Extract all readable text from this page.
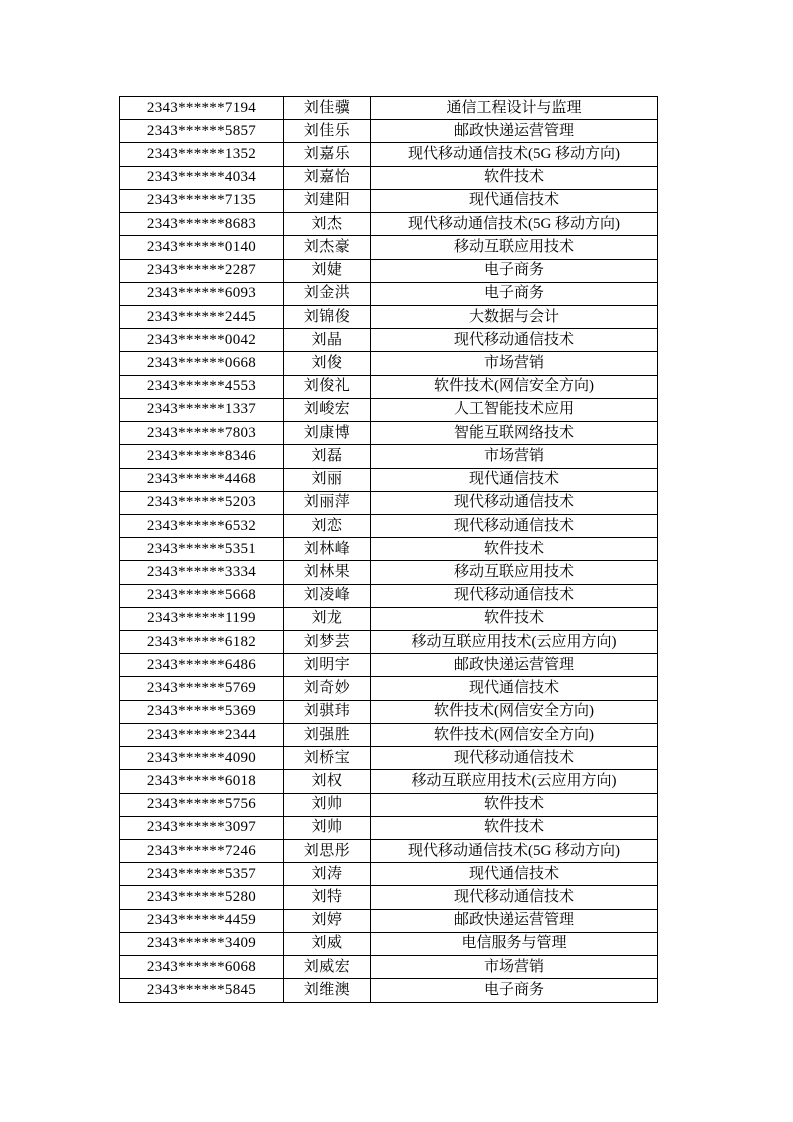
2343******7194	刘佳骥	通信工程设计与监理
2343******5857	刘佳乐	邮政快递运营管理
2343******1352	刘嘉乐	现代移动通信技术(5G 移动方向)
2343******4034	刘嘉怡	软件技术
2343******7135	刘建阳	现代通信技术
2343******8683	刘杰	现代移动通信技术(5G 移动方向)
2343******0140	刘杰豪	移动互联应用技术
2343******2287	刘婕	电子商务
2343******6093	刘金洪	电子商务
2343******2445	刘锦俊	大数据与会计
2343******0042	刘晶	现代移动通信技术
2343******0668	刘俊	市场营销
2343******4553	刘俊礼	软件技术(网信安全方向)
2343******1337	刘峻宏	人工智能技术应用
2343******7803	刘康博	智能互联网络技术
2343******8346	刘磊	市场营销
2343******4468	刘丽	现代通信技术
2343******5203	刘丽萍	现代移动通信技术
2343******6532	刘恋	现代移动通信技术
2343******5351	刘林峰	软件技术
2343******3334	刘林果	移动互联应用技术
2343******5668	刘凌峰	现代移动通信技术
2343******1199	刘龙	软件技术
2343******6182	刘梦芸	移动互联应用技术(云应用方向)
2343******6486	刘明宇	邮政快递运营管理
2343******5769	刘奇妙	现代通信技术
2343******5369	刘骐玮	软件技术(网信安全方向)
2343******2344	刘强胜	软件技术(网信安全方向)
2343******4090	刘桥宝	现代移动通信技术
2343******6018	刘权	移动互联应用技术(云应用方向)
2343******5756	刘帅	软件技术
2343******3097	刘帅	软件技术
2343******7246	刘思彤	现代移动通信技术(5G 移动方向)
2343******5357	刘涛	现代通信技术
2343******5280	刘特	现代移动通信技术
2343******4459	刘婷	邮政快递运营管理
2343******3409	刘威	电信服务与管理
2343******6068	刘威宏	市场营销
2343******5845	刘维澳	电子商务
